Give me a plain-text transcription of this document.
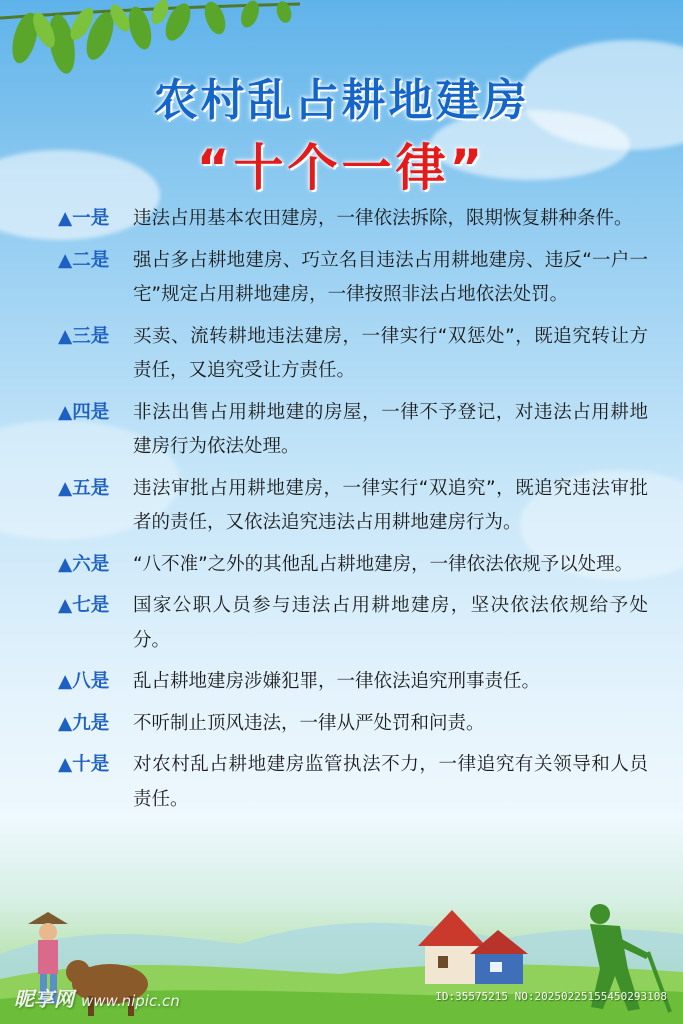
农村乱占耕地建房
“十个一律”
▲一是	违法占用基本农田建房，一律依法拆除，限期恢复耕种条件。
▲二是	强占多占耕地建房、巧立名目违法占用耕地建房、违反“一户一宅”规定占用耕地建房，一律按照非法占地依法处罚。
▲三是	买卖、流转耕地违法建房，一律实行“双惩处”，既追究转让方责任，又追究受让方责任。
▲四是	非法出售占用耕地建的房屋，一律不予登记，对违法占用耕地建房行为依法处理。
▲五是	违法审批占用耕地建房，一律实行“双追究”，既追究违法审批者的责任，又依法追究违法占用耕地建房行为。
▲六是	“八不准”之外的其他乱占耕地建房，一律依法依规予以处理。
▲七是	国家公职人员参与违法占用耕地建房，坚决依法依规给予处分。
▲八是	乱占耕地建房涉嫌犯罪，一律依法追究刑事责任。
▲九是	不听制止顶风违法，一律从严处罚和问责。
▲十是	对农村乱占耕地建房监管执法不力，一律追究有关领导和人员责任。
昵享网 www.nipic.cn	ID:35575215 NO:20250225155450293108
